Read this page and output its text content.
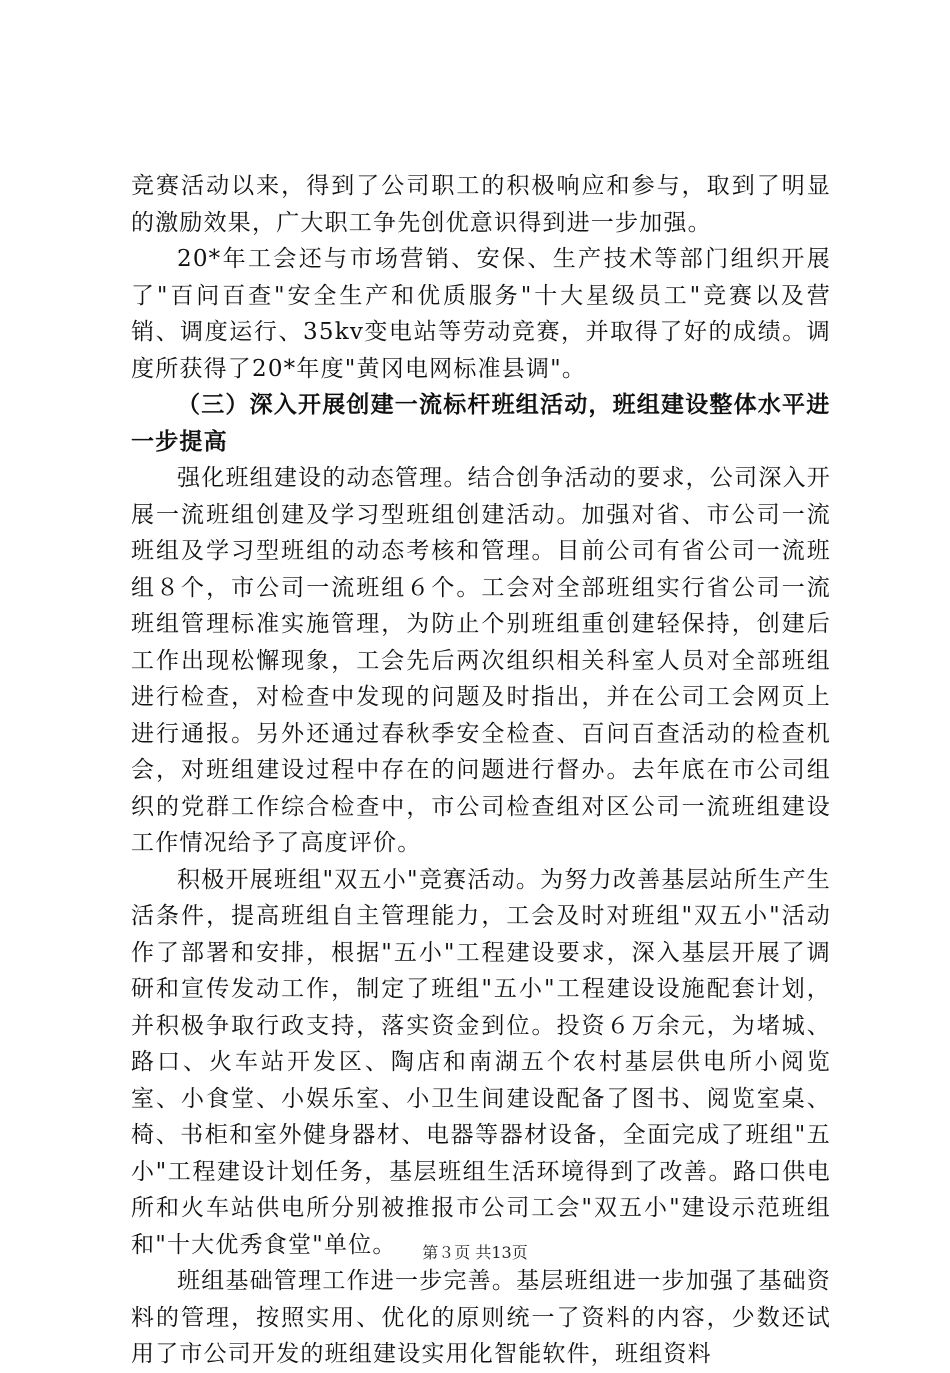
竞赛活动以来，得到了公司职工的积极响应和参与，取到了明显的激励效果，广大职工争先创优意识得到进一步加强。

20*年工会还与市场营销、安保、生产技术等部门组织开展了"百问百查"安全生产和优质服务"十大星级员工"竞赛以及营销、调度运行、35kv变电站等劳动竞赛，并取得了好的成绩。调度所获得了20*年度"黄冈电网标准县调"。

（三）深入开展创建一流标杆班组活动，班组建设整体水平进一步提高

强化班组建设的动态管理。结合创争活动的要求，公司深入开展一流班组创建及学习型班组创建活动。加强对省、市公司一流班组及学习型班组的动态考核和管理。目前公司有省公司一流班组８个，市公司一流班组６个。工会对全部班组实行省公司一流班组管理标准实施管理，为防止个别班组重创建轻保持，创建后工作出现松懈现象，工会先后两次组织相关科室人员对全部班组进行检查，对检查中发现的问题及时指出，并在公司工会网页上进行通报。另外还通过春秋季安全检查、百问百查活动的检查机会，对班组建设过程中存在的问题进行督办。去年底在市公司组织的党群工作综合检查中，市公司检查组对区公司一流班组建设工作情况给予了高度评价。

积极开展班组"双五小"竞赛活动。为努力改善基层站所生产生活条件，提高班组自主管理能力，工会及时对班组"双五小"活动作了部署和安排，根据"五小"工程建设要求，深入基层开展了调研和宣传发动工作，制定了班组"五小"工程建设设施配套计划，并积极争取行政支持，落实资金到位。投资６万余元，为堵城、路口、火车站开发区、陶店和南湖五个农村基层供电所小阅览室、小食堂、小娱乐室、小卫生间建设配备了图书、阅览室桌、椅、书柜和室外健身器材、电器等器材设备，全面完成了班组"五小"工程建设计划任务，基层班组生活环境得到了改善。路口供电所和火车站供电所分别被推报市公司工会"双五小"建设示范班组和"十大优秀食堂"单位。

班组基础管理工作进一步完善。基层班组进一步加强了基础资料的管理，按照实用、优化的原则统一了资料的内容，少数还试用了市公司开发的班组建设实用化智能软件，班组资料

第３页 共13页
